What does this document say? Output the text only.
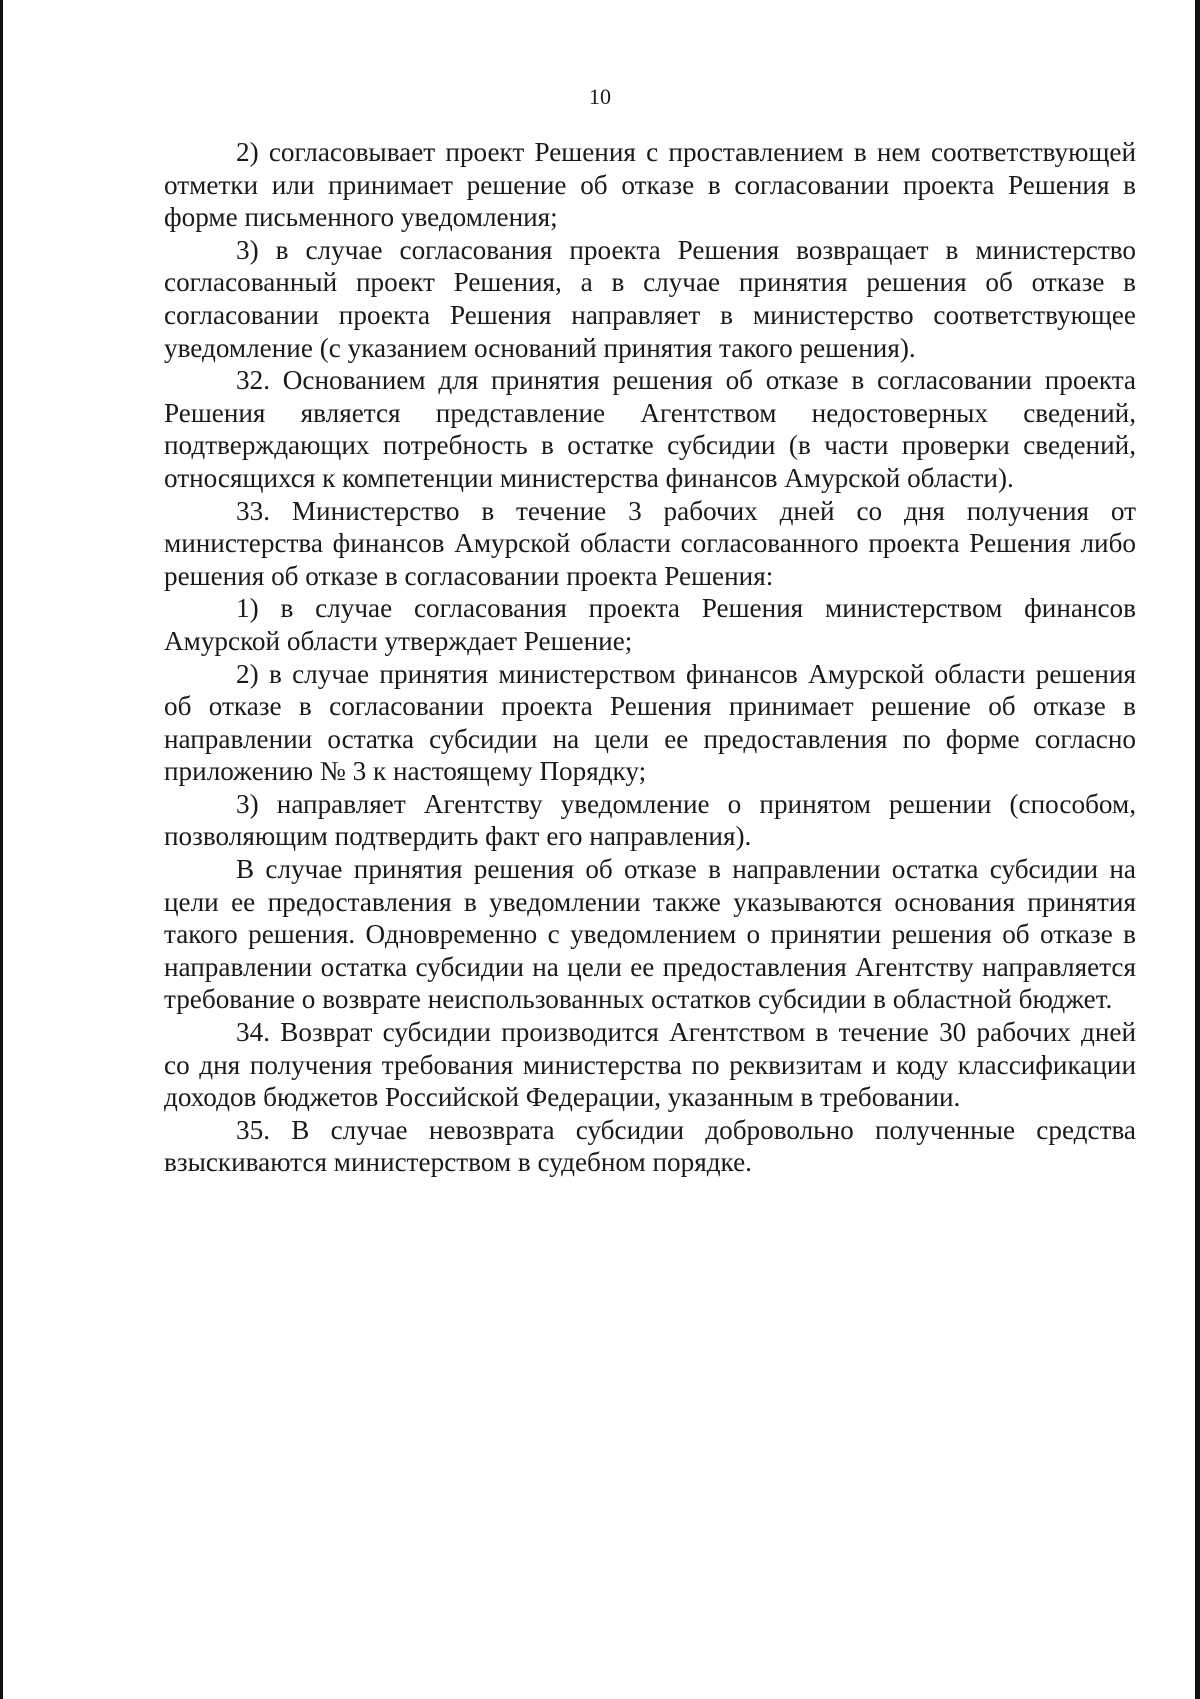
10

2) согласовывает проект Решения с проставлением в нем соответствующей отметки или принимает решение об отказе в согласовании проекта Решения в форме письменного уведомления;

3) в случае согласования проекта Решения возвращает в министерство согласованный проект Решения, а в случае принятия решения об отказе в согласовании проекта Решения направляет в министерство соответствующее уведомление (с указанием оснований принятия такого решения).

32. Основанием для принятия решения об отказе в согласовании проекта Решения является представление Агентством недостоверных сведений, подтверждающих потребность в остатке субсидии (в части проверки сведений, относящихся к компетенции министерства финансов Амурской области).

33. Министерство в течение 3 рабочих дней со дня получения от министерства финансов Амурской области согласованного проекта Решения либо решения об отказе в согласовании проекта Решения:

1) в случае согласования проекта Решения министерством финансов Амурской области утверждает Решение;

2) в случае принятия министерством финансов Амурской области решения об отказе в согласовании проекта Решения принимает решение об отказе в направлении остатка субсидии на цели ее предоставления по форме согласно приложению № 3 к настоящему Порядку;

3) направляет Агентству уведомление о принятом решении (способом, позволяющим подтвердить факт его направления).

В случае принятия решения об отказе в направлении остатка субсидии на цели ее предоставления в уведомлении также указываются основания принятия такого решения. Одновременно с уведомлением о принятии решения об отказе в направлении остатка субсидии на цели ее предоставления Агентству направляется требование о возврате неиспользованных остатков субсидии в областной бюджет.

34. Возврат субсидии производится Агентством в течение 30 рабочих дней со дня получения требования министерства по реквизитам и коду классификации доходов бюджетов Российской Федерации, указанным в требовании.

35. В случае невозврата субсидии добровольно полученные средства взыскиваются министерством в судебном порядке.
